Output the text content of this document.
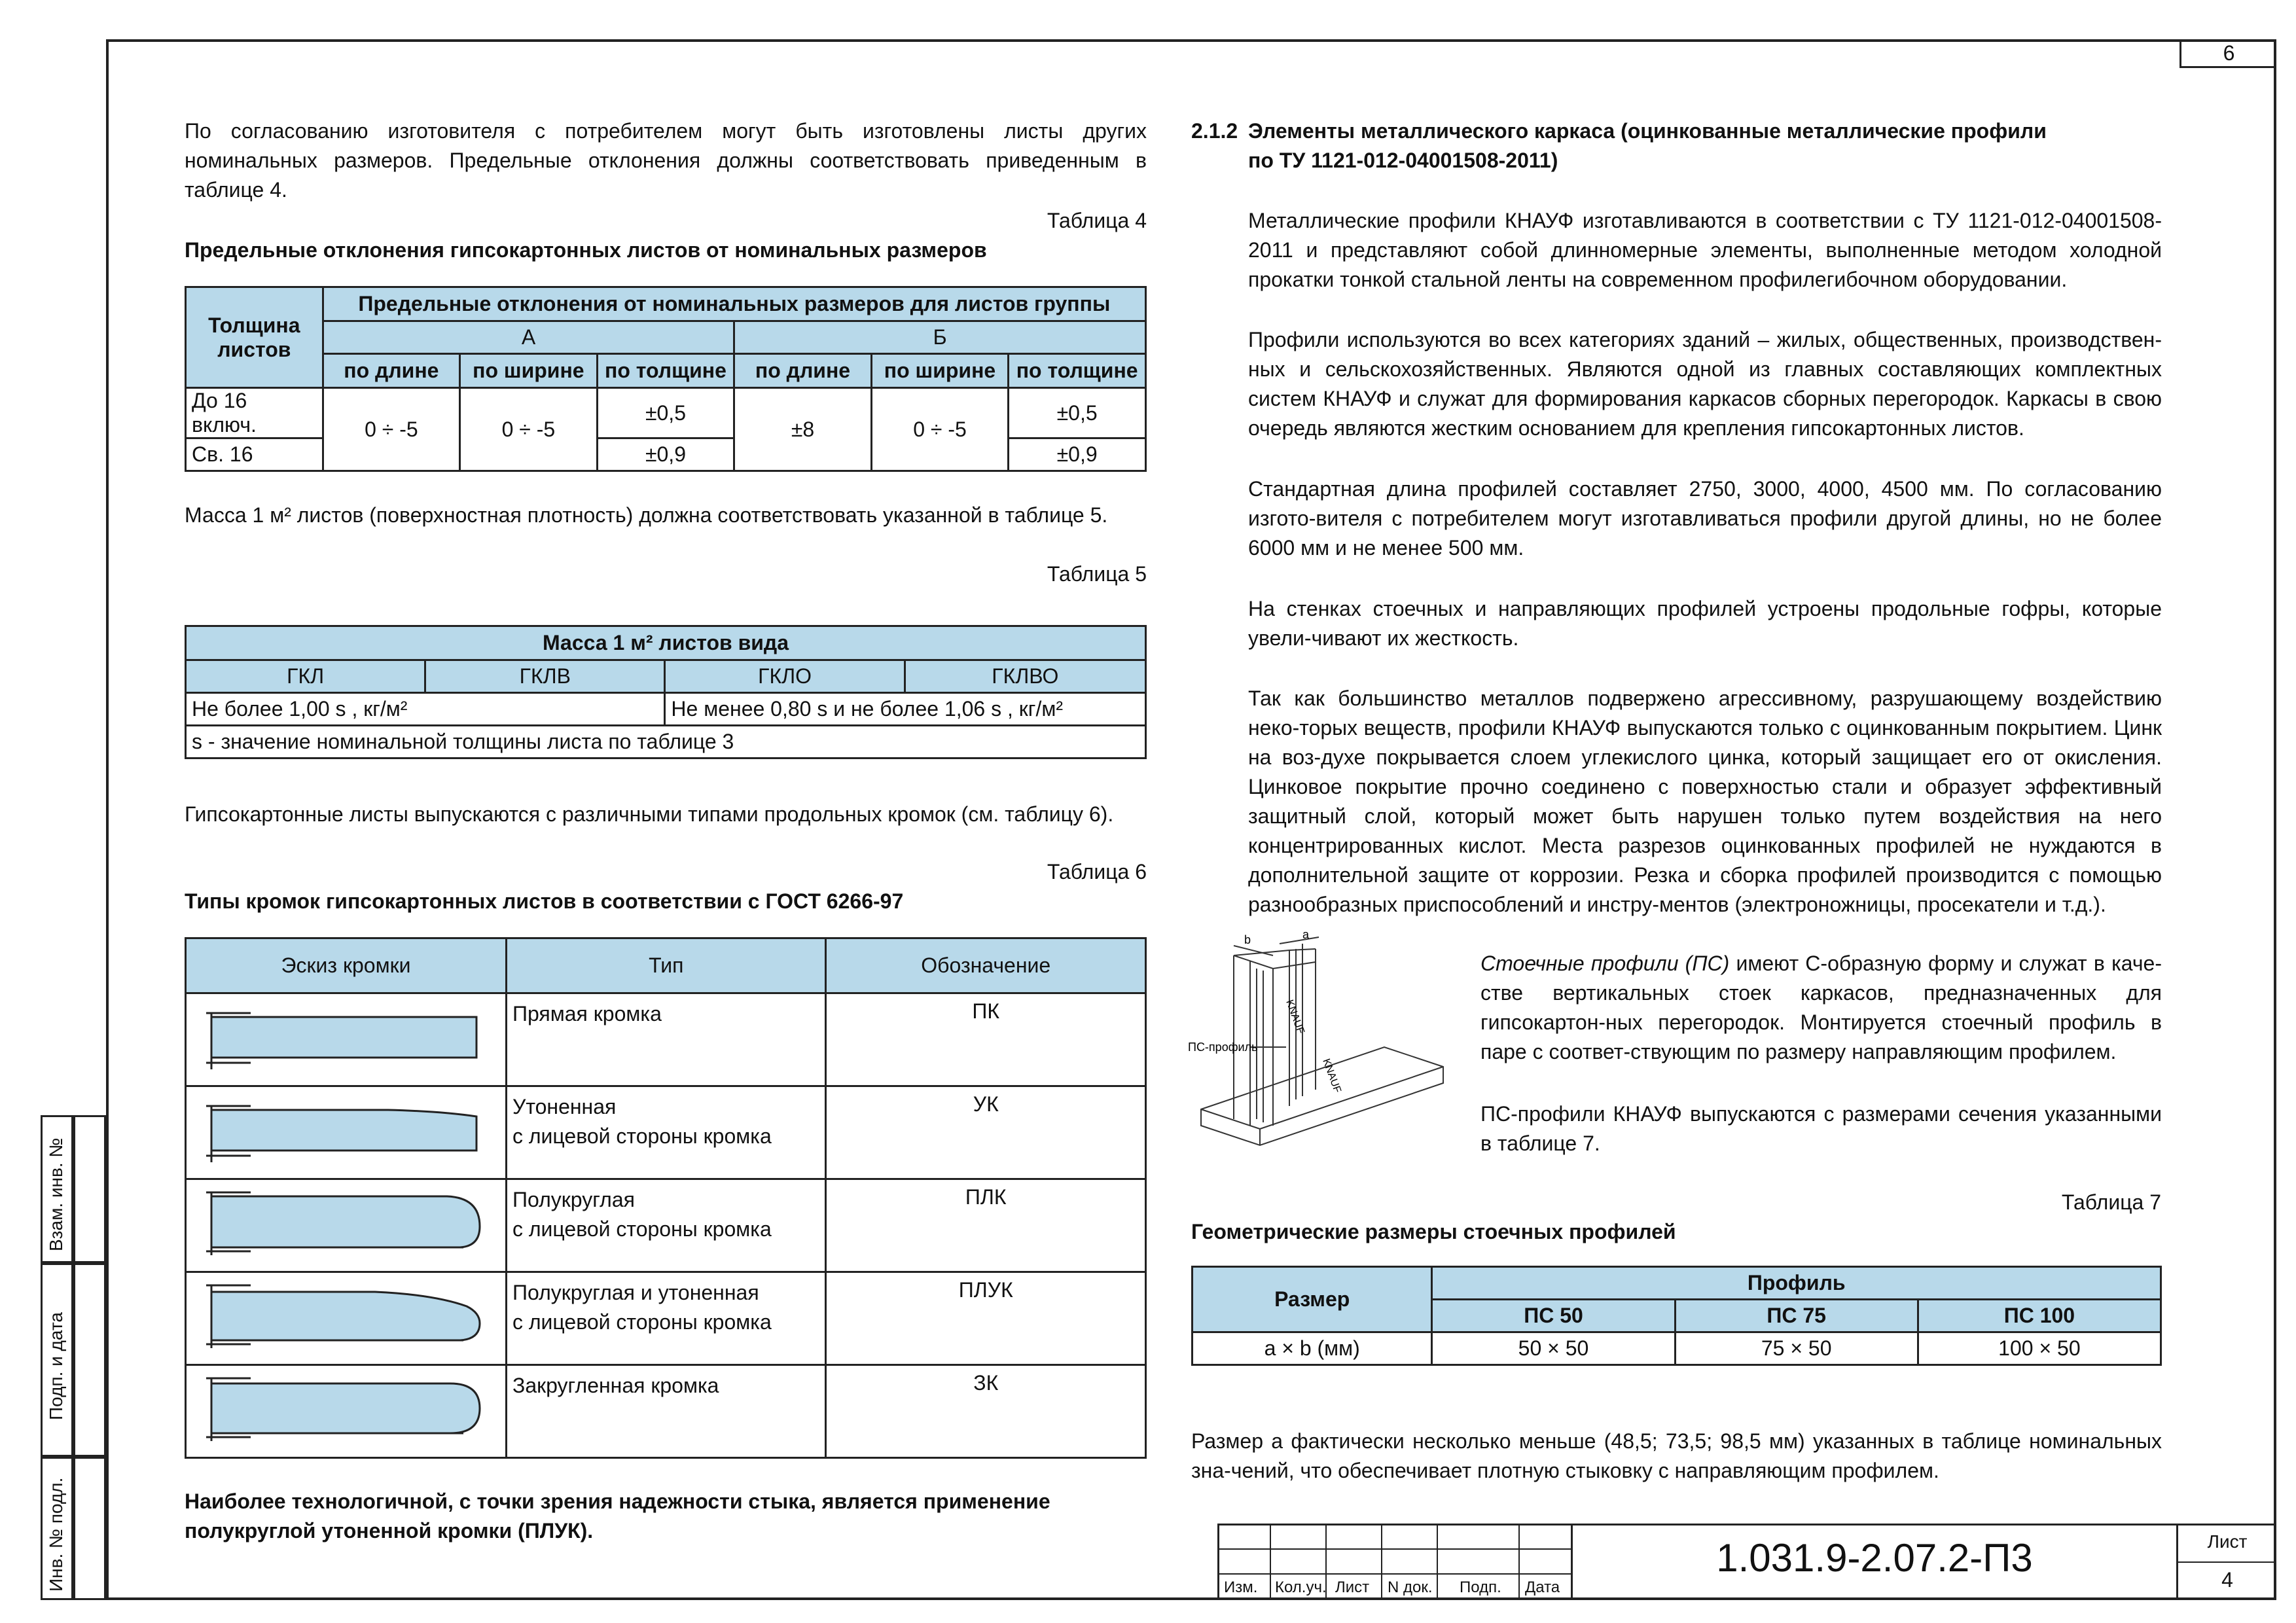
6
По согласованию изготовителя с потребителем могут быть изготовлены листы других номинальных размеров. Предельные отклонения должны соответствовать приведенным в таблице 4.
Таблица 4
Предельные отклонения гипсокартонных листов от номинальных размеров
Толщина листов	Предельные отклонения от номинальных размеров для листов группы					
	А			Б		
	по длине	по ширине	по толщине	по длине	по ширине	по толщине
До 16 включ.	0 ÷ -5	0 ÷ -5	±0,5	±8	0 ÷ -5	±0,5
Св. 16			±0,9			±0,9
Масса 1 м² листов (поверхностная плотность) должна соответствовать указанной в таблице 5.
Таблица 5
Масса 1 м² листов вида			
ГКЛ	ГКЛВ	ГКЛО	ГКЛВО
Не более 1,00 s , кг/м²		Не менее 0,80 s и не более 1,06 s , кг/м²	
s - значение номинальной толщины листа по таблице 3			
Гипсокартонные листы выпускаются с различными типами продольных кромок (см. таблицу 6).
Таблица 6
Типы кромок гипсокартонных листов в соответствии с ГОСТ 6266-97
Эскиз кромки	Тип	Обозначение

Прямая кромка	ПК

Утоненная
с лицевой стороны кромка	УК

Полукруглая
с лицевой стороны кромка	ПЛК

Полукруглая и утоненная
с лицевой стороны кромка	ПЛУК

Закругленная кромка	ЗК
Наиболее технологичной, с точки зрения надежности стыка, является применение полукруглой утоненной кромки (ПЛУК).
2.1.2 Элементы металлического каркаса (оцинкованные металлические профили
по ТУ 1121-012-04001508-2011)
Металлические профили КНАУФ изготавливаются в соответствии с ТУ 1121-012-04001508-2011 и представляют собой длинномерные элементы, выполненные методом холодной прокатки тонкой стальной ленты на современном профилегибочном оборудовании.
Профили используются во всех категориях зданий – жилых, общественных, производствен-ных и сельскохозяйственных. Являются одной из главных составляющих комплектных систем КНАУФ и служат для формирования каркасов сборных перегородок. Каркасы в свою очередь являются жестким основанием для крепления гипсокартонных листов.
Стандартная длина профилей составляет 2750, 3000, 4000, 4500 мм. По согласованию изгото-вителя с потребителем могут изготавливаться профили другой длины, но не более 6000 мм и не менее 500 мм.
На стенках стоечных и направляющих профилей устроены продольные гофры, которые увели-чивают их жесткость.
Так как большинство металлов подвержено агрессивному, разрушающему воздействию неко-торых веществ, профили КНАУФ выпускаются только с оцинкованным покрытием. Цинк на воз-духе покрывается слоем углекислого цинка, который защищает его от окисления. Цинковое покрытие прочно соединено с поверхностью стали и образует эффективный защитный слой, который может быть нарушен только путем воздействия на него концентрированных кислот. Места разрезов оцинкованных профилей не нуждаются в дополнительной защите от коррозии. Резка и сборка профилей производится с помощью разнообразных приспособлений и инстру-ментов (электроножницы, просекатели и т.д.).
b	a
KNAUF
KNAUF
ПС-профиль
Стоечные профили (ПС) имеют С-образную форму и служат в каче-стве вертикальных стоек каркасов, предназначенных для гипсокартон-ных перегородок. Монтируется стоечный профиль в паре с соответ-ствующим по размеру направляющим профилем.
ПС-профили КНАУФ выпускаются с размерами сечения указанными в таблице 7.
Таблица 7
Геометрические размеры стоечных профилей
Размер	Профиль		
	ПС 50	ПС 75	ПС 100
a × b (мм)	50 × 50	75 × 50	100 × 50
Размер a фактически несколько меньше (48,5; 73,5; 98,5 мм) указанных в таблице номинальных зна-чений, что обеспечивает плотную стыковку с направляющим профилем.
Взам. инв. №
Подп. и дата
Инв. № подл.	Изм. Кол.уч. Лист N док. Подп. Дата
1.031.9-2.07.2-П3	Лист
4
